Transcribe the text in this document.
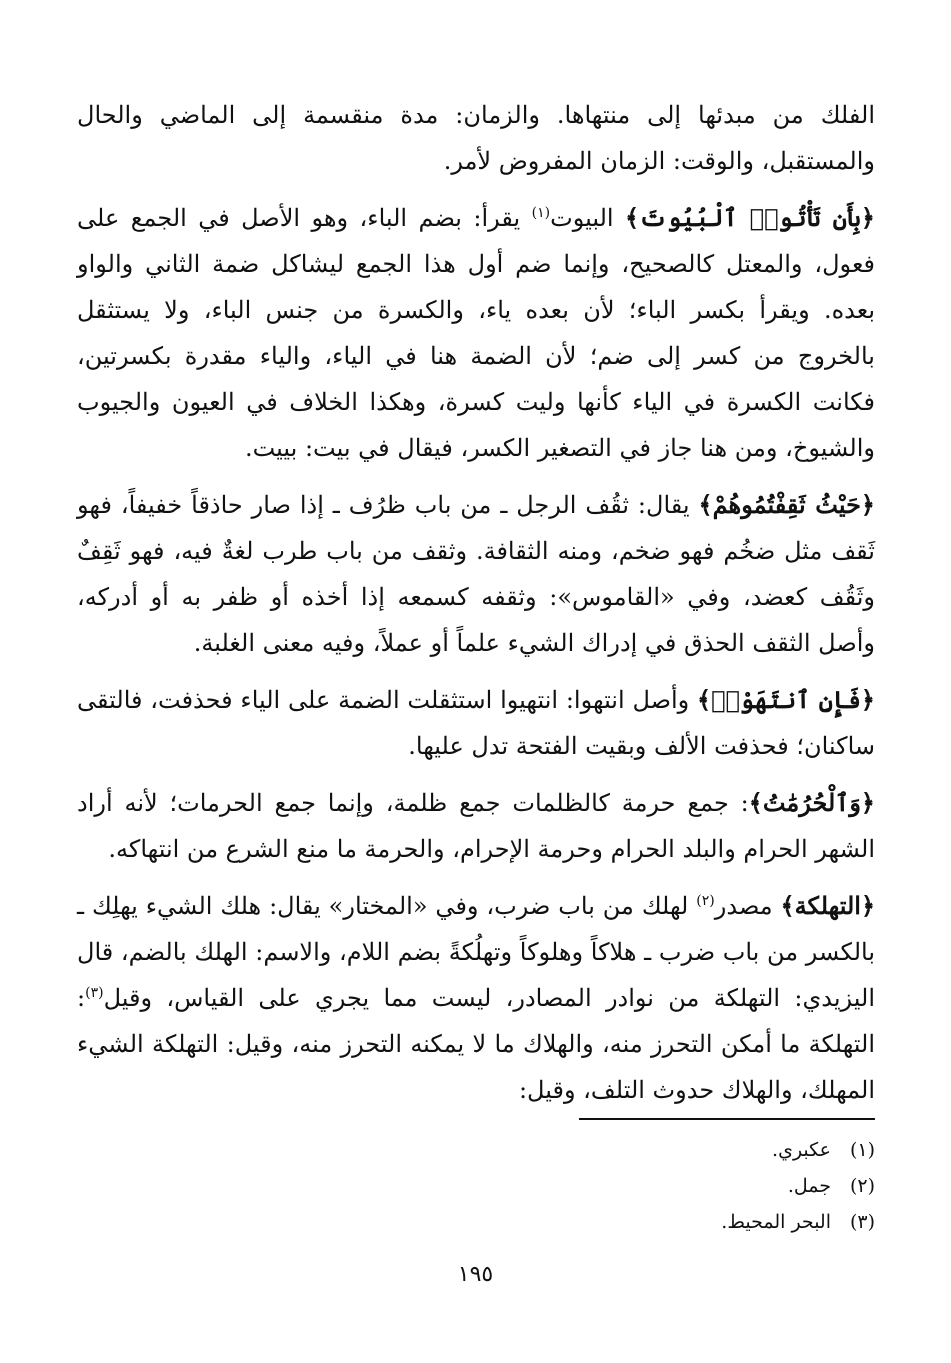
الفلك من مبدئها إلى منتهاها. والزمان: مدة منقسمة إلى الماضي والحال والمستقبل، والوقت: الزمان المفروض لأمر.

﴿بِأَن تَأْتُوا۟ ٱلْبُيُوتَ﴾ البيوت$^{(١)}$ يقرأ: بضم الباء، وهو الأصل في الجمع على فعول، والمعتل كالصحيح، وإنما ضم أول هذا الجمع ليشاكل ضمة الثاني والواو بعده. ويقرأ بكسر الباء؛ لأن بعده ياء، والكسرة من جنس الباء، ولا يستثقل بالخروج من كسر إلى ضم؛ لأن الضمة هنا في الياء، والياء مقدرة بكسرتين، فكانت الكسرة في الياء كأنها وليت كسرة، وهكذا الخلاف في العيون والجيوب والشيوخ، ومن هنا جاز في التصغير الكسر، فيقال في بيت: بييت.

﴿حَيْثُ ثَقِفْتُمُوهُمْ﴾ يقال: ثقُف الرجل ـ من باب ظرُف ـ إذا صار حاذقاً خفيفاً، فهو ثَقف مثل ضخُم فهو ضخم، ومنه الثقافة. وثقف من باب طرب لغةٌ فيه، فهو ثَقِفٌ وثَقُف كعضد، وفي «القاموس»: وثقفه كسمعه إذا أخذه أو ظفر به أو أدركه، وأصل الثقف الحذق في إدراك الشيء علماً أو عملاً، وفيه معنى الغلبة.

﴿فَإِنِ ٱنتَهَوْا۟﴾ وأصل انتهوا: انتهيوا استثقلت الضمة على الياء فحذفت، فالتقى ساكنان؛ فحذفت الألف وبقيت الفتحة تدل عليها.

﴿وَٱلْحُرُمَٰتُ﴾: جمع حرمة كالظلمات جمع ظلمة، وإنما جمع الحرمات؛ لأنه أراد الشهر الحرام والبلد الحرام وحرمة الإحرام، والحرمة ما منع الشرع من انتهاكه.

﴿التهلكة﴾ مصدر$^{(٢)}$ لهلك من باب ضرب، وفي «المختار» يقال: هلك الشيء يهلِك ـ بالكسر من باب ضرب ـ هلاكاً وهلوكاً وتهلُكةً بضم اللام، والاسم: الهلك بالضم، قال اليزيدي: التهلكة من نوادر المصادر، ليست مما يجري على القياس، وقيل$^{(٣)}$: التهلكة ما أمكن التحرز منه، والهلاك ما لا يمكنه التحرز منه، وقيل: التهلكة الشيء المهلك، والهلاك حدوث التلف، وقيل:

(١)
عكبري.
(٢)
جمل.
(٣)
البحر المحيط.
١٩٥
